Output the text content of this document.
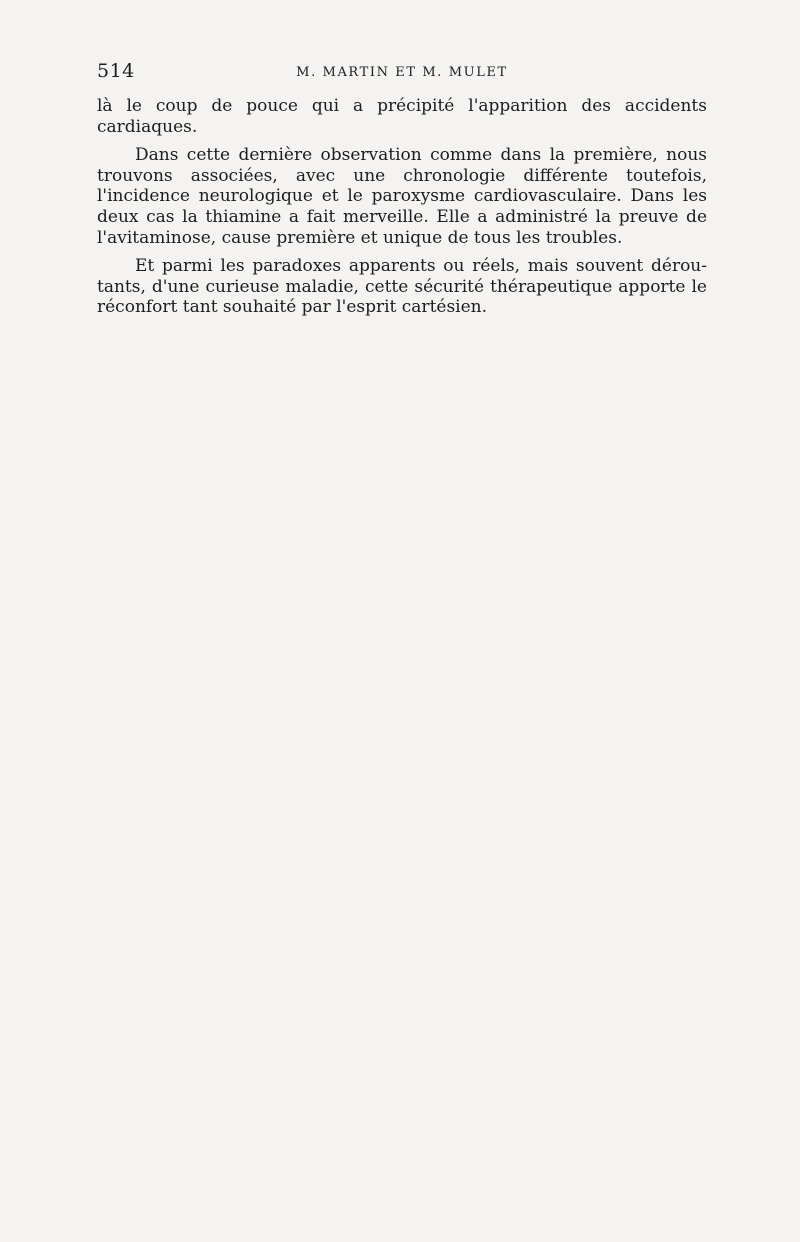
514	M. MARTIN ET M. MULET

là le coup de pouce qui a précipité l'apparition des accidents
cardiaques.

Dans cette dernière observation comme dans la première, nous
trouvons associées, avec une chronologie différente toutefois,
l'incidence neurologique et le paroxysme cardiovasculaire. Dans les
deux cas la thiamine a fait merveille. Elle a administré la preuve de
l'avitaminose, cause première et unique de tous les troubles.

Et parmi les paradoxes apparents ou réels, mais souvent dérou-
tants, d'une curieuse maladie, cette sécurité thérapeutique apporte le
réconfort tant souhaité par l'esprit cartésien.
